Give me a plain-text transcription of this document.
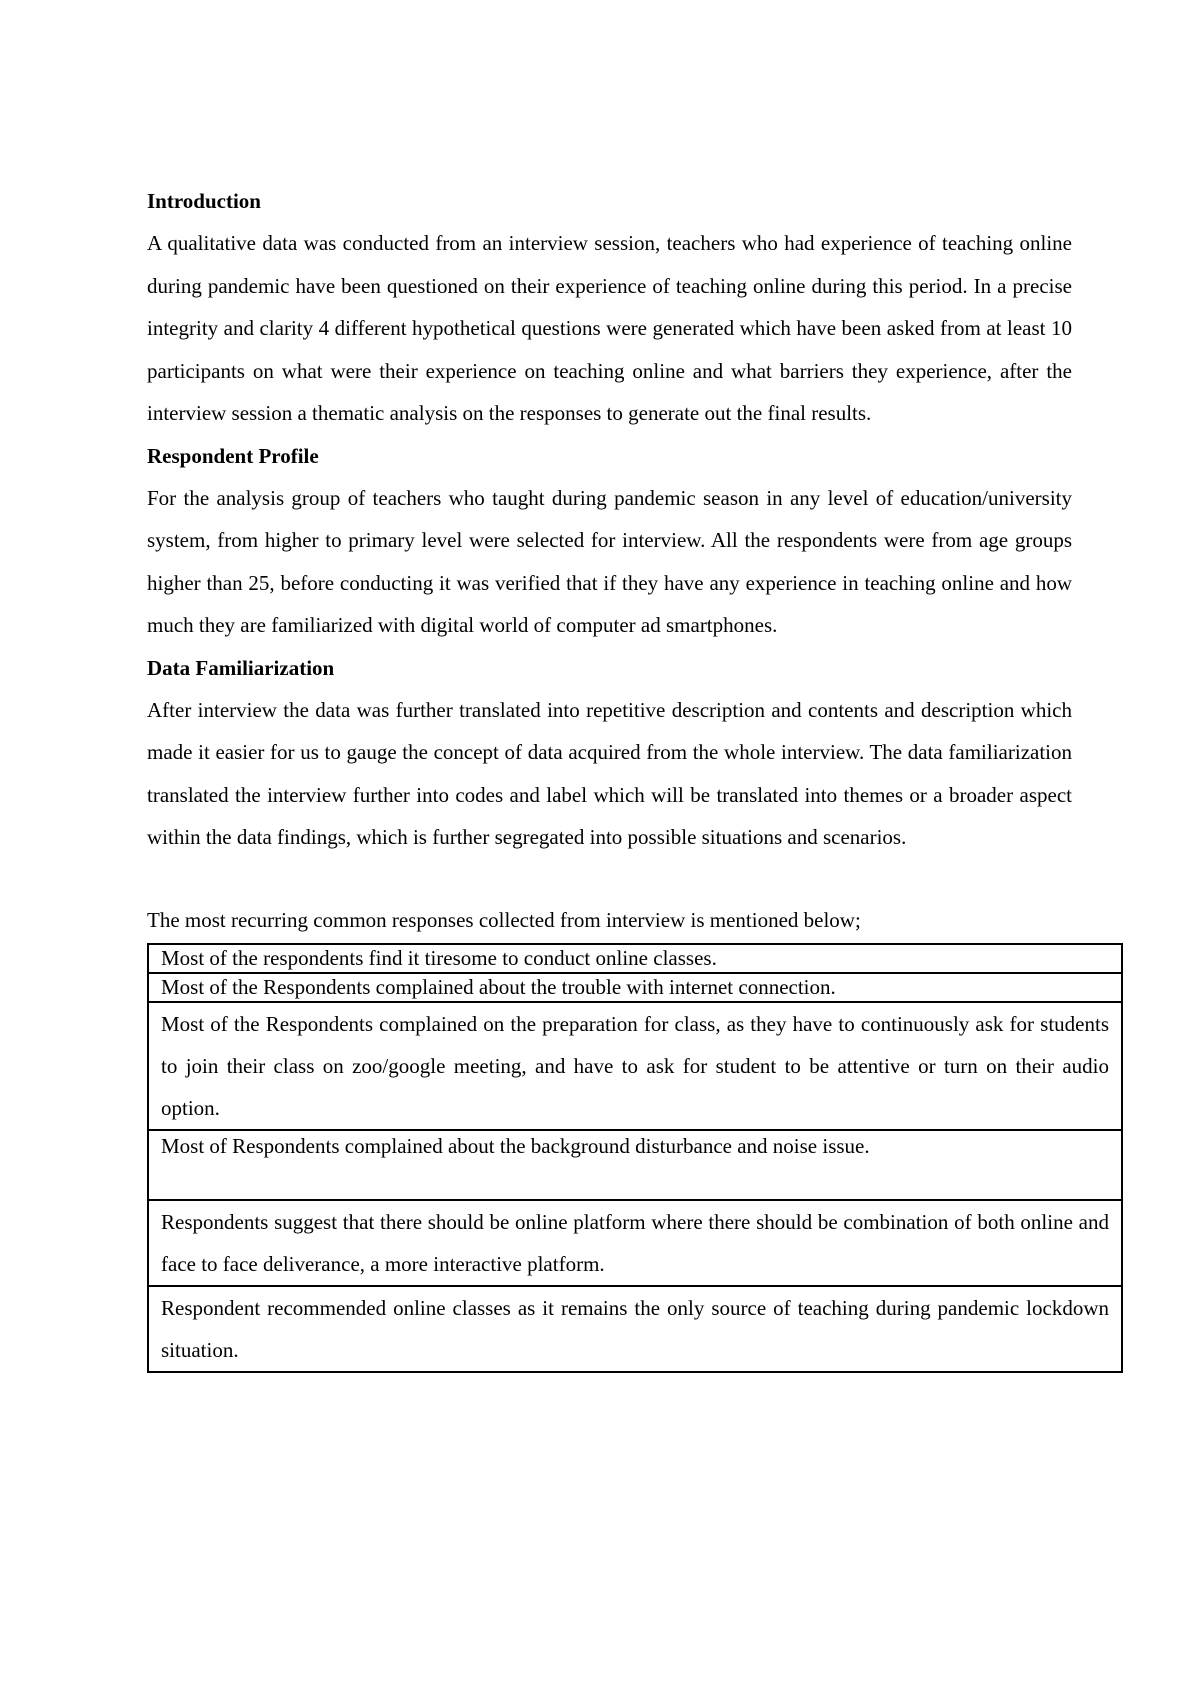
Introduction

A qualitative data was conducted from an interview session, teachers who had experience of teaching online during pandemic have been questioned on their experience of teaching online during this period. In a precise integrity and clarity 4 different hypothetical questions were generated which have been asked from at least 10 participants on what were their experience on teaching online and what barriers they experience, after the interview session a thematic analysis on the responses to generate out the final results.

Respondent Profile

For the analysis group of teachers who taught during pandemic season in any level of education/university system, from higher to primary level were selected for interview. All the respondents were from age groups higher than 25, before conducting it was verified that if they have any experience in teaching online and how much they are familiarized with digital world of computer ad smartphones.

Data Familiarization

After interview the data was further translated into repetitive description and contents and description which made it easier for us to gauge the concept of data acquired from the whole interview. The data familiarization translated the interview further into codes and label which will be translated into themes or a broader aspect within the data findings, which is further segregated into possible situations and scenarios.

The most recurring common responses collected from interview is mentioned below;

Most of the respondents find it tiresome to conduct online classes.
Most of the Respondents complained about the trouble with internet connection.
Most of the Respondents complained on the preparation for class, as they have to continuously ask for students to join their class on zoo/google meeting, and have to ask for student to be attentive or turn on their audio option.
Most of Respondents complained about the background disturbance and noise issue.
Respondents suggest that there should be online platform where there should be combination of both online and face to face deliverance, a more interactive platform.
Respondent recommended online classes as it remains the only source of teaching during pandemic lockdown situation.
